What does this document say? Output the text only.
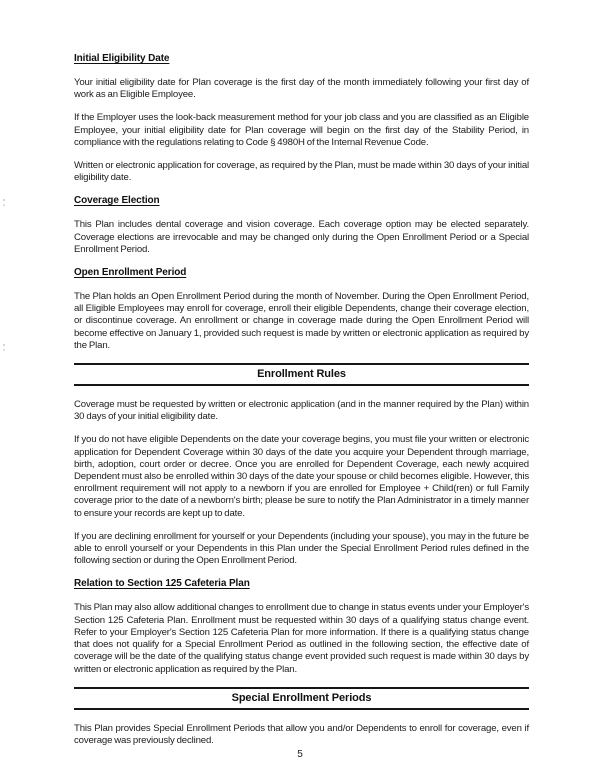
Initial Eligibility Date

Your initial eligibility date for Plan coverage is the first day of the month immediately following your first day of work as an Eligible Employee.

If the Employer uses the look-back measurement method for your job class and you are classified as an Eligible Employee, your initial eligibility date for Plan coverage will begin on the first day of the Stability Period, in compliance with the regulations relating to Code § 4980H of the Internal Revenue Code.

Written or electronic application for coverage, as required by the Plan, must be made within 30 days of your initial eligibility date.

Coverage Election

This Plan includes dental coverage and vision coverage. Each coverage option may be elected separately. Coverage elections are irrevocable and may be changed only during the Open Enrollment Period or a Special Enrollment Period.

Open Enrollment Period

The Plan holds an Open Enrollment Period during the month of November. During the Open Enrollment Period, all Eligible Employees may enroll for coverage, enroll their eligible Dependents, change their coverage election, or discontinue coverage. An enrollment or change in coverage made during the Open Enrollment Period will become effective on January 1, provided such request is made by written or electronic application as required by the Plan.

Enrollment Rules

Coverage must be requested by written or electronic application (and in the manner required by the Plan) within 30 days of your initial eligibility date.

If you do not have eligible Dependents on the date your coverage begins, you must file your written or electronic application for Dependent Coverage within 30 days of the date you acquire your Dependent through marriage, birth, adoption, court order or decree. Once you are enrolled for Dependent Coverage, each newly acquired Dependent must also be enrolled within 30 days of the date your spouse or child becomes eligible. However, this enrollment requirement will not apply to a newborn if you are enrolled for Employee + Child(ren) or full Family coverage prior to the date of a newborn's birth; please be sure to notify the Plan Administrator in a timely manner to ensure your records are kept up to date.

If you are declining enrollment for yourself or your Dependents (including your spouse), you may in the future be able to enroll yourself or your Dependents in this Plan under the Special Enrollment Period rules defined in the following section or during the Open Enrollment Period.

Relation to Section 125 Cafeteria Plan

This Plan may also allow additional changes to enrollment due to change in status events under your Employer's Section 125 Cafeteria Plan. Enrollment must be requested within 30 days of a qualifying status change event. Refer to your Employer's Section 125 Cafeteria Plan for more information. If there is a qualifying status change that does not qualify for a Special Enrollment Period as outlined in the following section, the effective date of coverage will be the date of the qualifying status change event provided such request is made within 30 days by written or electronic application as required by the Plan.

Special Enrollment Periods

This Plan provides Special Enrollment Periods that allow you and/or Dependents to enroll for coverage, even if coverage was previously declined.

5
